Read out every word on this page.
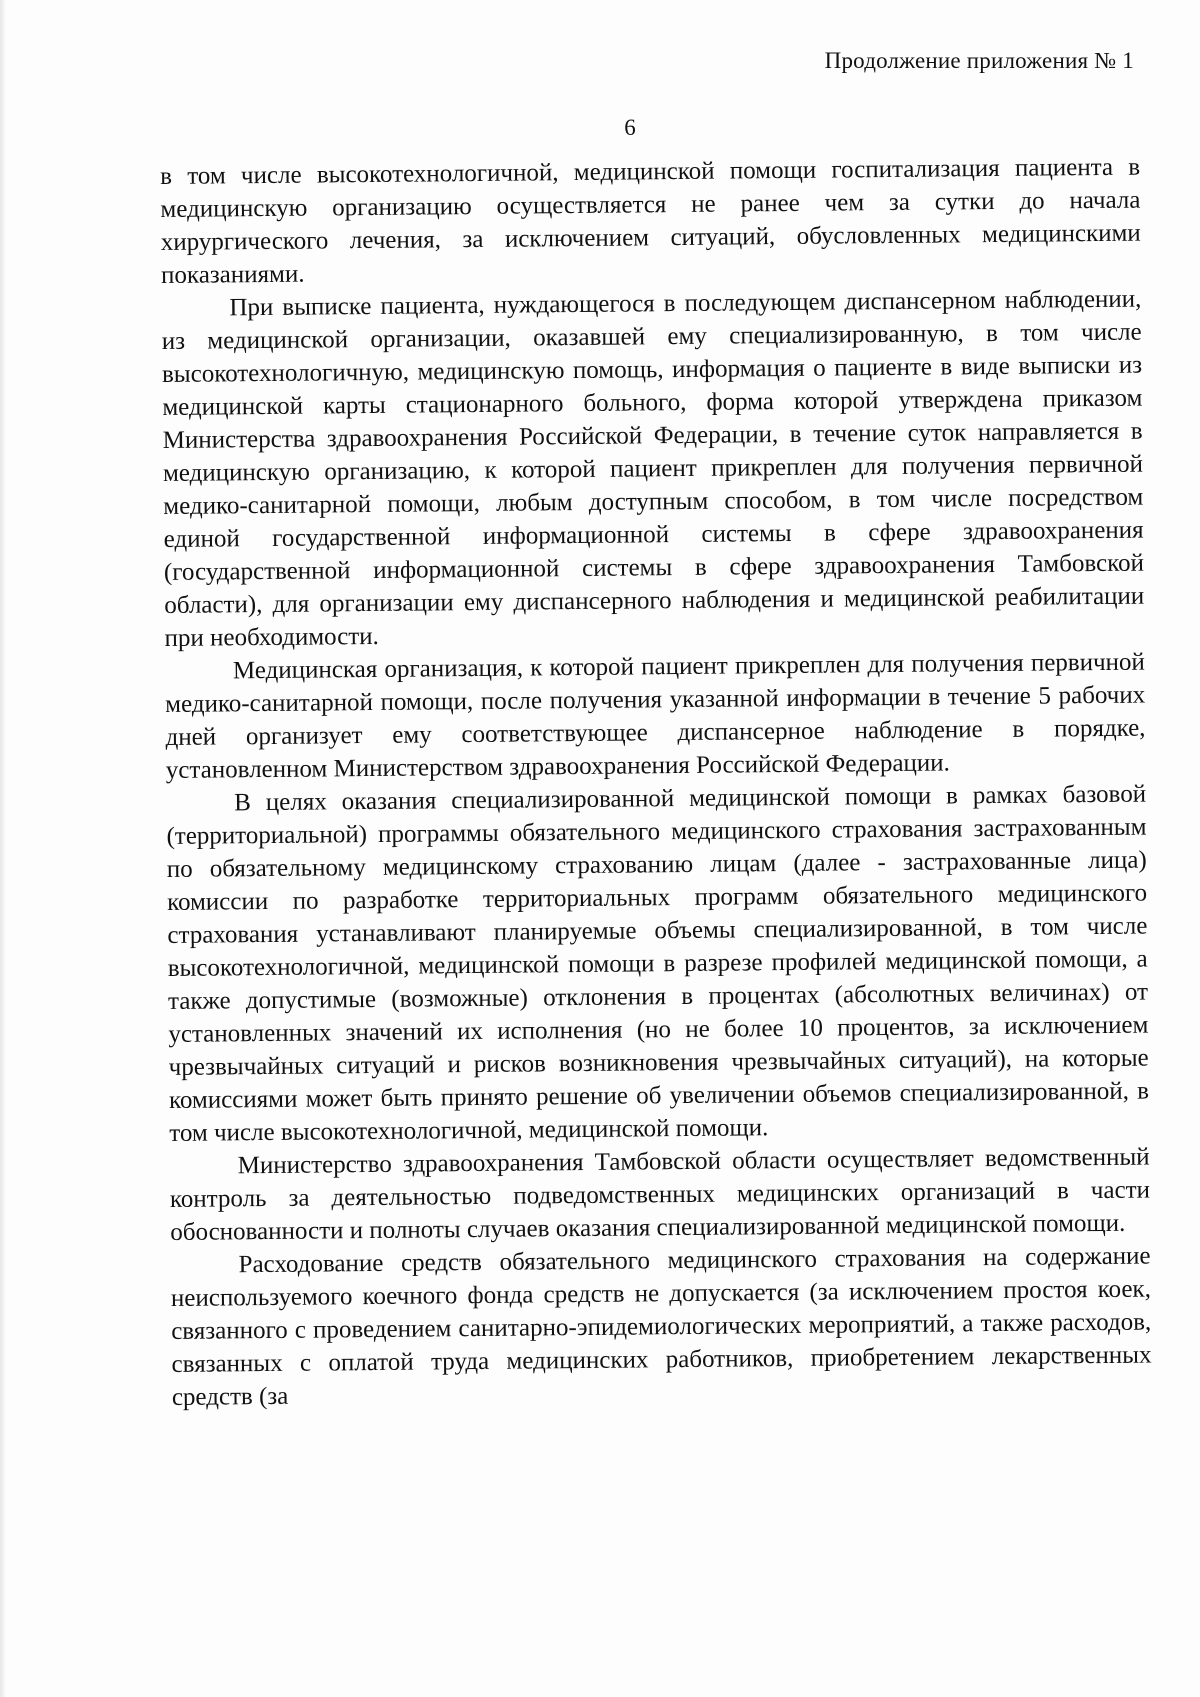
Продолжение приложения № 1
6

в том числе высокотехнологичной, медицинской помощи госпитализация пациента в медицинскую организацию осуществляется не ранее чем за сутки до начала хирургического лечения, за исключением ситуаций, обусловленных медицинскими показаниями.

При выписке пациента, нуждающегося в последующем диспансерном наблюдении, из медицинской организации, оказавшей ему специализированную, в том числе высокотехнологичную, медицинскую помощь, информация о пациенте в виде выписки из медицинской карты стационарного больного, форма которой утверждена приказом Министерства здравоохранения Российской Федерации, в течение суток направляется в медицинскую организацию, к которой пациент прикреплен для получения первичной медико-санитарной помощи, любым доступным способом, в том числе посредством единой государственной информационной системы в сфере здравоохранения (государственной информационной системы в сфере здравоохранения Тамбовской области), для организации ему диспансерного наблюдения и медицинской реабилитации при необходимости.

Медицинская организация, к которой пациент прикреплен для получения первичной медико-санитарной помощи, после получения указанной информации в течение 5 рабочих дней организует ему соответствующее диспансерное наблюдение в порядке, установленном Министерством здравоохранения Российской Федерации.

В целях оказания специализированной медицинской помощи в рамках базовой (территориальной) программы обязательного медицинского страхования застрахованным по обязательному медицинскому страхованию лицам (далее - застрахованные лица) комиссии по разработке территориальных программ обязательного медицинского страхования устанавливают планируемые объемы специализированной, в том числе высокотехнологичной, медицинской помощи в разрезе профилей медицинской помощи, а также допустимые (возможные) отклонения в процентах (абсолютных величинах) от установленных значений их исполнения (но не более 10 процентов, за исключением чрезвычайных ситуаций и рисков возникновения чрезвычайных ситуаций), на которые комиссиями может быть принято решение об увеличении объемов специализированной, в том числе высокотехнологичной, медицинской помощи.

Министерство здравоохранения Тамбовской области осуществляет ведомственный контроль за деятельностью подведомственных медицинских организаций в части обоснованности и полноты случаев оказания специализированной медицинской помощи.

Расходование средств обязательного медицинского страхования на содержание неиспользуемого коечного фонда средств не допускается (за исключением простоя коек, связанного с проведением санитарно-эпидемиологических мероприятий, а также расходов, связанных с оплатой труда медицинских работников, приобретением лекарственных средств (за
